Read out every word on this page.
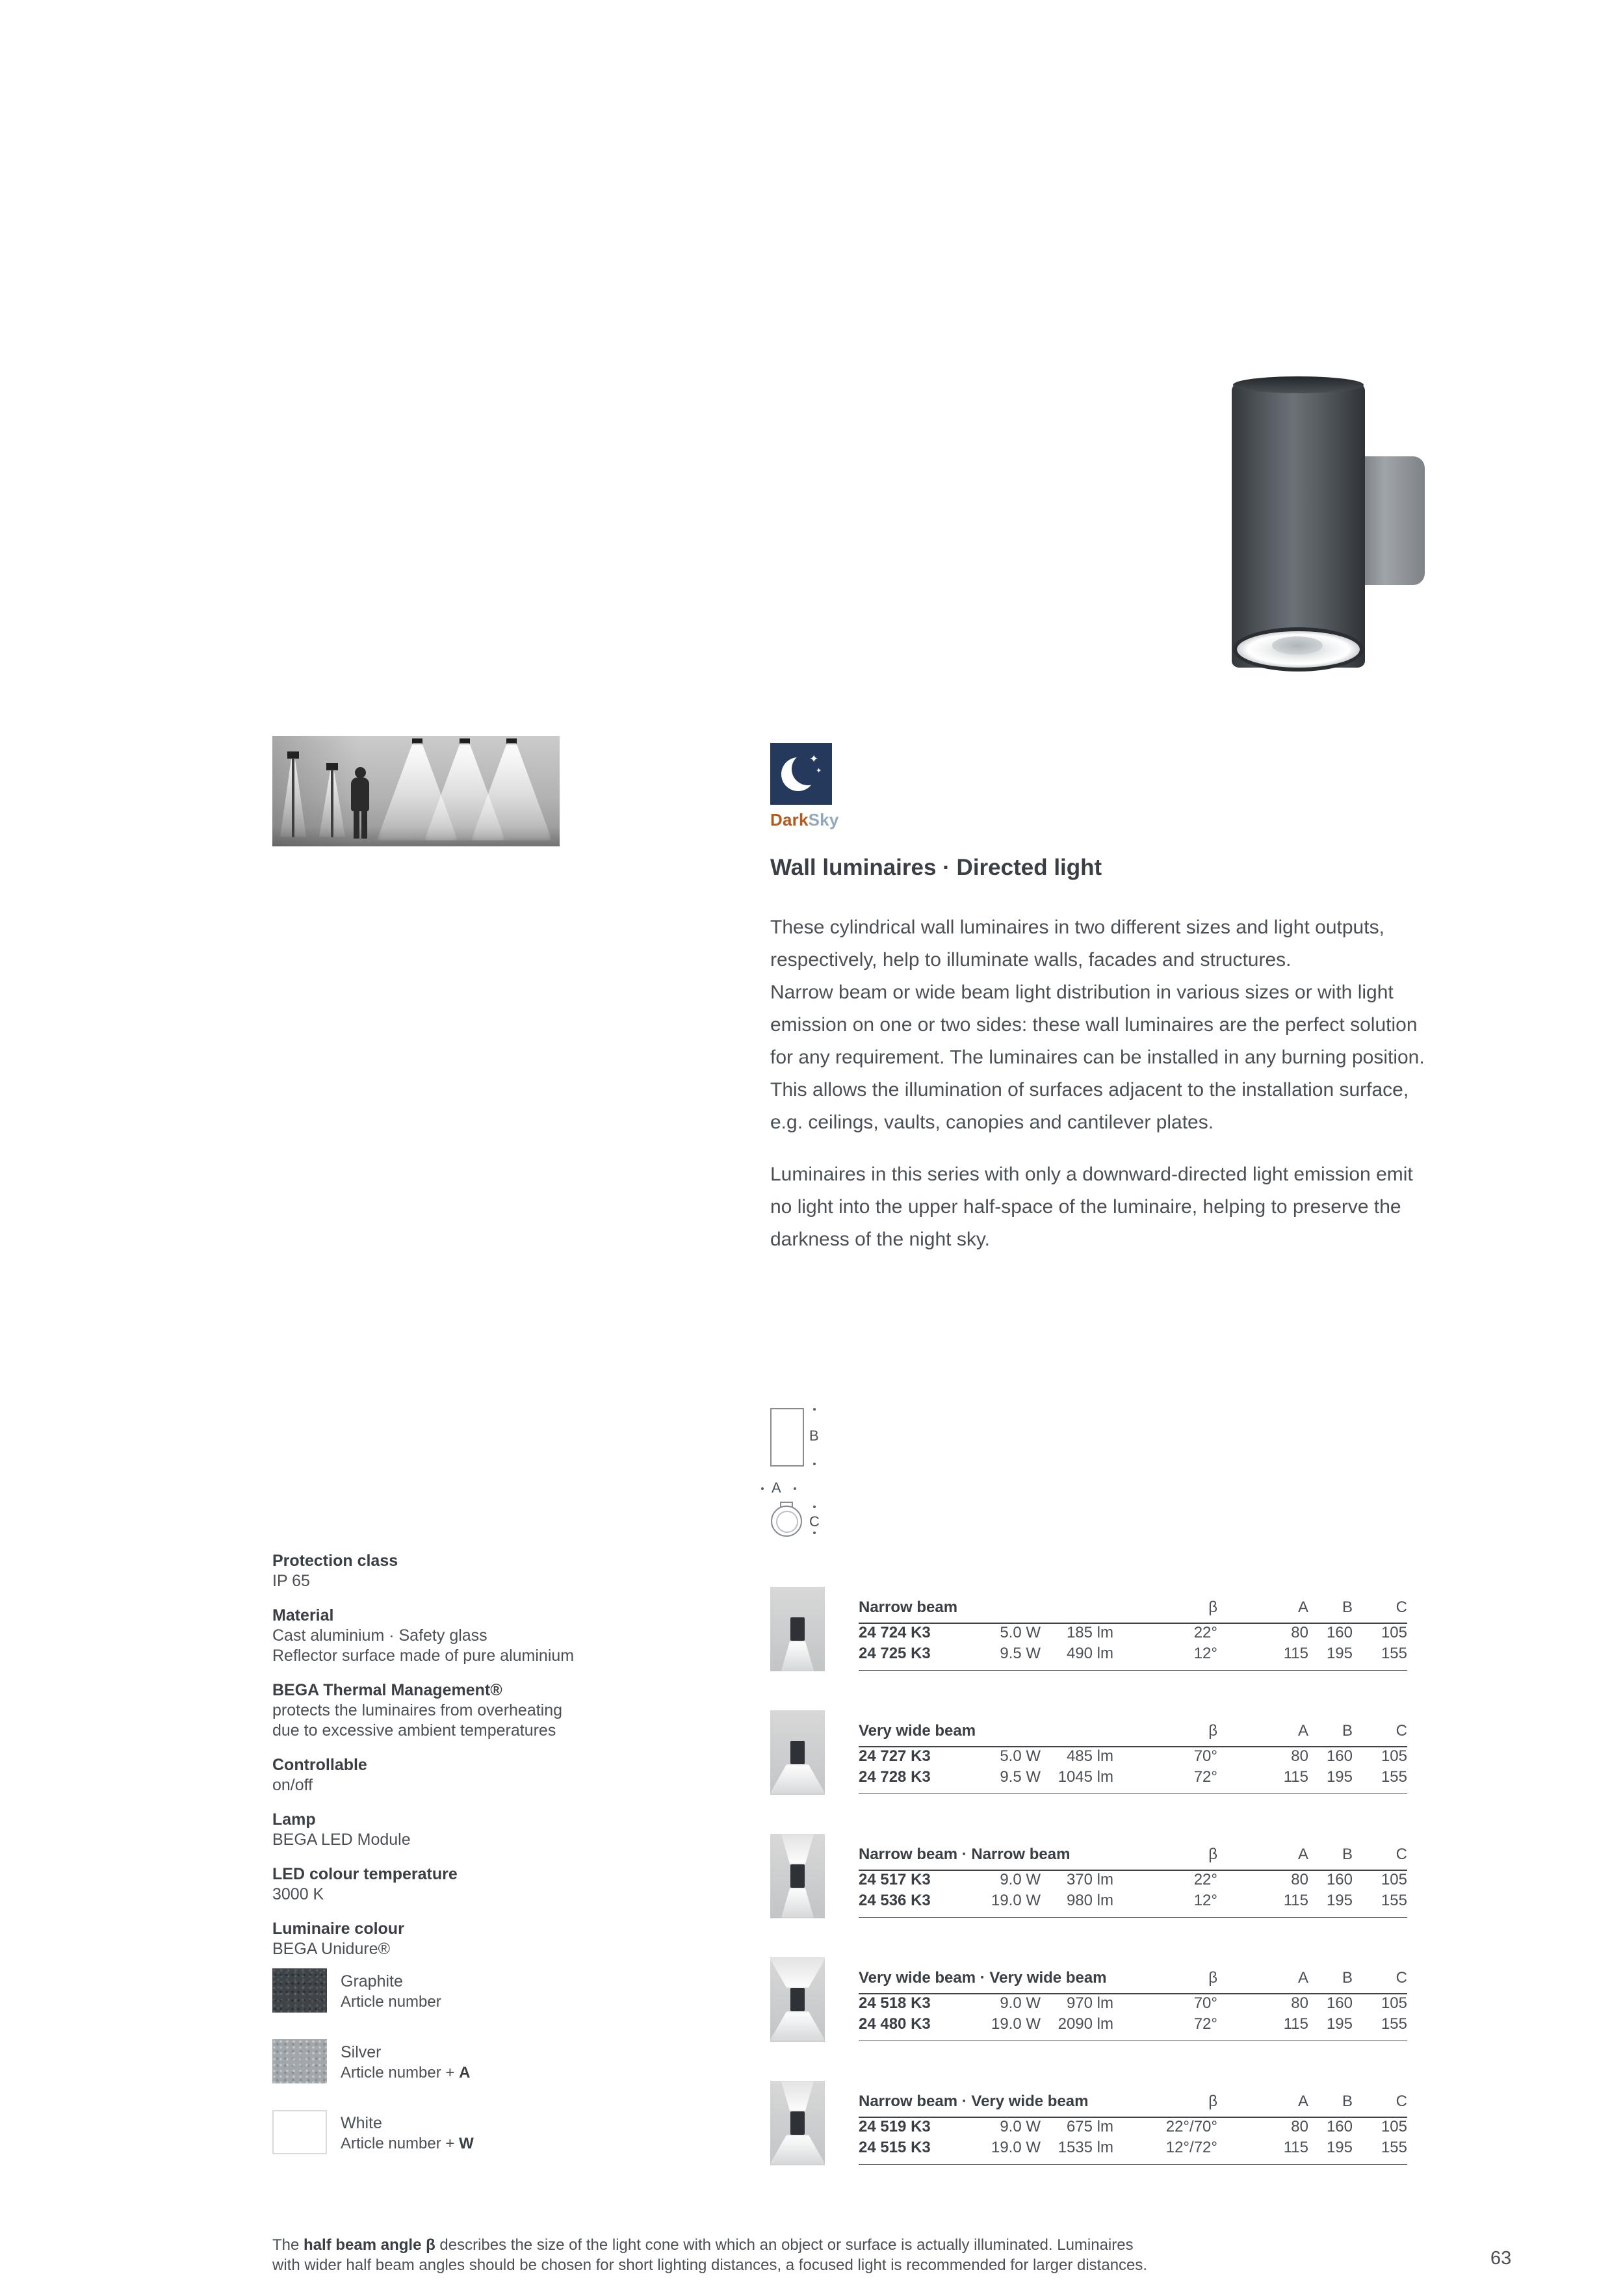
✦
✦
DarkSky
Wall luminaires · Directed light

These cylindrical wall luminaires in two different sizes and light outputs, respectively, help to illuminate walls, facades and structures.

Narrow beam or wide beam light distribution in various sizes or with light emission on one or two sides: these wall luminaires are the perfect solution for any requirement. The luminaires can be installed in any burning position. This allows the illumination of surfaces adjacent to the installation surface, e.g. ceilings, vaults, canopies and cantilever plates.

Luminaires in this series with only a downward-directed light emission emit no light into the upper half-space of the luminaire, helping to preserve the darkness of the night sky.

B
A
C
Protection class
IP 65
Material
Cast aluminium · Safety glass
Reflector surface made of pure aluminium
BEGA Thermal Management®
protects the luminaires from overheating
due to excessive ambient temperatures
Controllable
on/off
Lamp
BEGA LED Module
LED colour temperature
3000 K
Luminaire colour
BEGA Unidure®
Graphite
Article number
Silver
Article number + A
White
Article number + W
Narrow beam	β	A	B	C
24 724 K3	5.0 W	185 lm	22°	80	160	105
24 725 K3	9.5 W	490 lm	12°	115	195	155
Very wide beam	β	A	B	C
24 727 K3	5.0 W	485 lm	70°	80	160	105
24 728 K3	9.5 W	1045 lm	72°	115	195	155
Narrow beam · Narrow beam	β	A	B	C
24 517 K3	9.0 W	370 lm	22°	80	160	105
24 536 K3	19.0 W	980 lm	12°	115	195	155
Very wide beam · Very wide beam	β	A	B	C
24 518 K3	9.0 W	970 lm	70°	80	160	105
24 480 K3	19.0 W	2090 lm	72°	115	195	155
Narrow beam · Very wide beam	β	A	B	C
24 519 K3	9.0 W	675 lm	22°/70°	80	160	105
24 515 K3	19.0 W	1535 lm	12°/72°	115	195	155
The half beam angle β describes the size of the light cone with which an object or surface is actually illuminated. Luminaires
with wider half beam angles should be chosen for short lighting distances, a focused light is recommended for larger distances.	63
